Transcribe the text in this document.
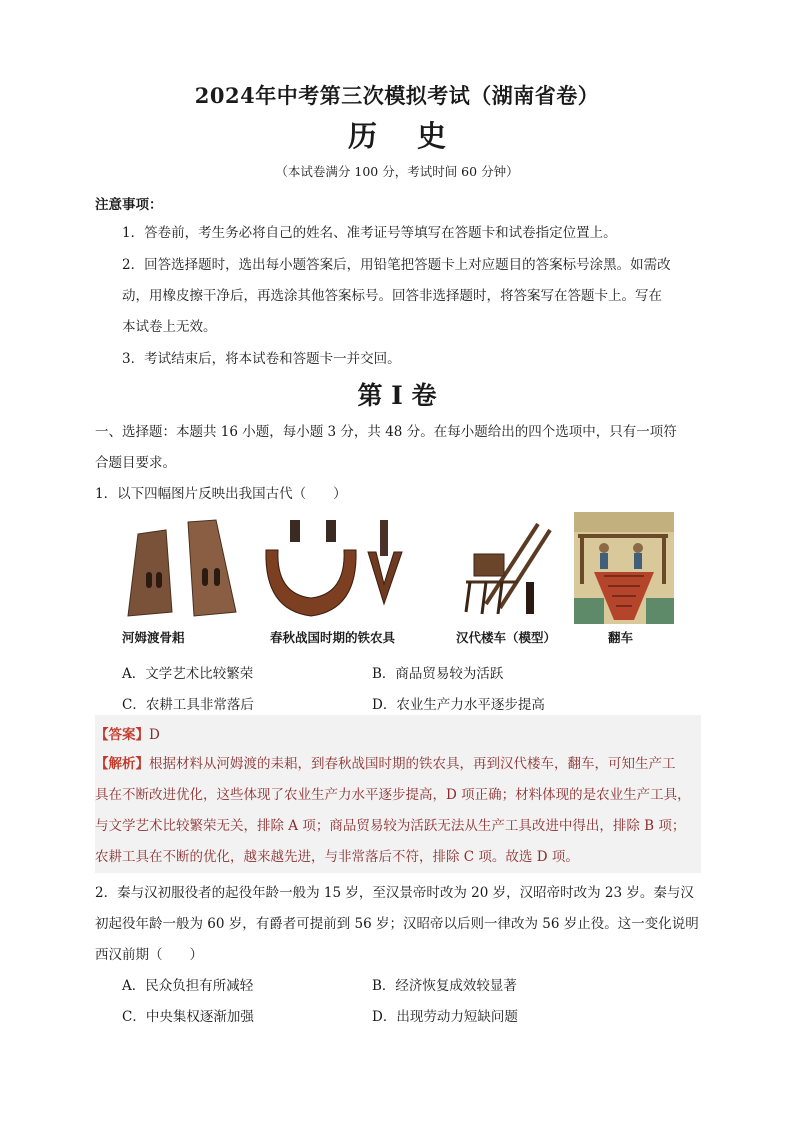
2024年中考第三次模拟考试（湖南省卷）
历史
（本试卷满分 100 分，考试时间 60 分钟）
注意事项：
1．答卷前，考生务必将自己的姓名、准考证号等填写在答题卡和试卷指定位置上。
2．回答选择题时，选出每小题答案后，用铅笔把答题卡上对应题目的答案标号涂黑。如需改
动，用橡皮擦干净后，再选涂其他答案标号。回答非选择题时，将答案写在答题卡上。写在
本试卷上无效。
3．考试结束后，将本试卷和答题卡一并交回。
第 I 卷
一、选择题：本题共 16 小题，每小题 3 分，共 48 分。在每小题给出的四个选项中，只有一项符
合题目要求。
1．以下四幅图片反映出我国古代（　　）
河姆渡骨耜	春秋战国时期的铁农具	汉代楼车（模型）	翻车
A．文学艺术比较繁荣	B．商品贸易较为活跃
C．农耕工具非常落后	D．农业生产力水平逐步提高
【答案】D
【解析】根据材料从河姆渡的耒耜，到春秋战国时期的铁农具，再到汉代楼车，翻车，可知生产工
具在不断改进优化，这些体现了农业生产力水平逐步提高，D 项正确；材料体现的是农业生产工具，
与文学艺术比较繁荣无关，排除 A 项；商品贸易较为活跃无法从生产工具改进中得出，排除 B 项；
农耕工具在不断的优化，越来越先进，与非常落后不符，排除 C 项。故选 D 项。
2．秦与汉初服役者的起役年龄一般为 15 岁，至汉景帝时改为 20 岁，汉昭帝时改为 23 岁。秦与汉
初起役年龄一般为 60 岁，有爵者可提前到 56 岁；汉昭帝以后则一律改为 56 岁止役。这一变化说明
西汉前期（　　）
A．民众负担有所减轻	B．经济恢复成效较显著
C．中央集权逐渐加强	D．出现劳动力短缺问题
